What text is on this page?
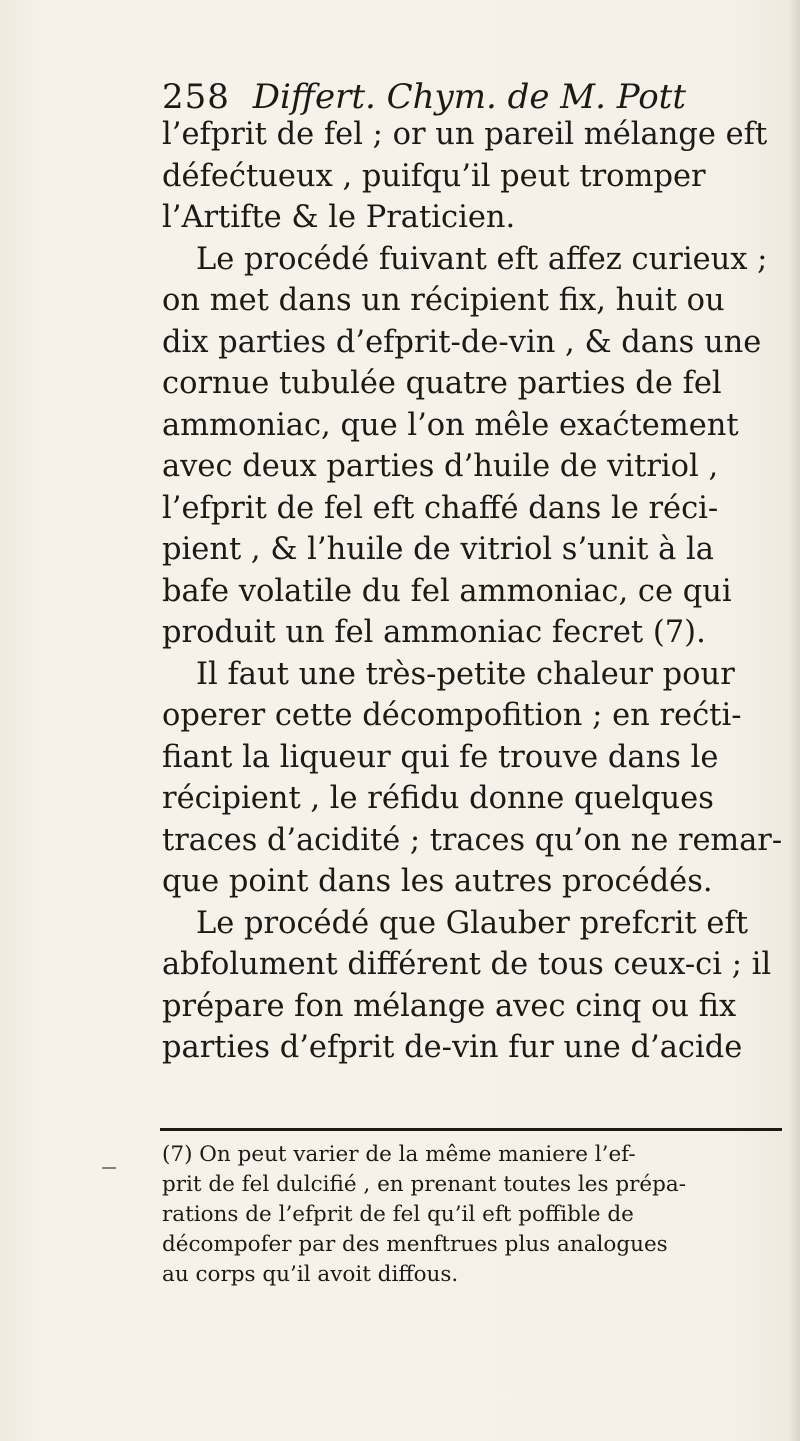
258 Differt. Chym. de M. Pott
l’efprit de fel ; or un pareil mélange eft
défećtueux , puifqu’il peut tromper
l’Artifte & le Praticien.
Le procédé fuivant eft affez curieux ;
on met dans un récipient fix, huit ou
dix parties d’efprit-de-vin , & dans une
cornue tubulée quatre parties de fel
ammoniac, que l’on mêle exaćtement
avec deux parties d’huile de vitriol ,
l’efprit de fel eft chaffé dans le réci-
pient , & l’huile de vitriol s’unit à la
bafe volatile du fel ammoniac, ce qui
produit un fel ammoniac fecret (7).
Il faut une très-petite chaleur pour
operer cette décompofition ; en rećti-
fiant la liqueur qui fe trouve dans le
récipient , le réfidu donne quelques
traces d’acidité ; traces qu’on ne remar-
que point dans les autres procédés.
Le procédé que Glauber prefcrit eft
abfolument différent de tous ceux-ci ; il
prépare fon mélange avec cinq ou fix
parties d’efprit de-vin fur une d’acide
(7) On peut varier de la même maniere l’ef-
prit de fel dulcifié , en prenant toutes les prépa-
rations de l’efprit de fel qu’il eft poffible de
décompofer par des menftrues plus analogues
au corps qu’il avoit diffous.
